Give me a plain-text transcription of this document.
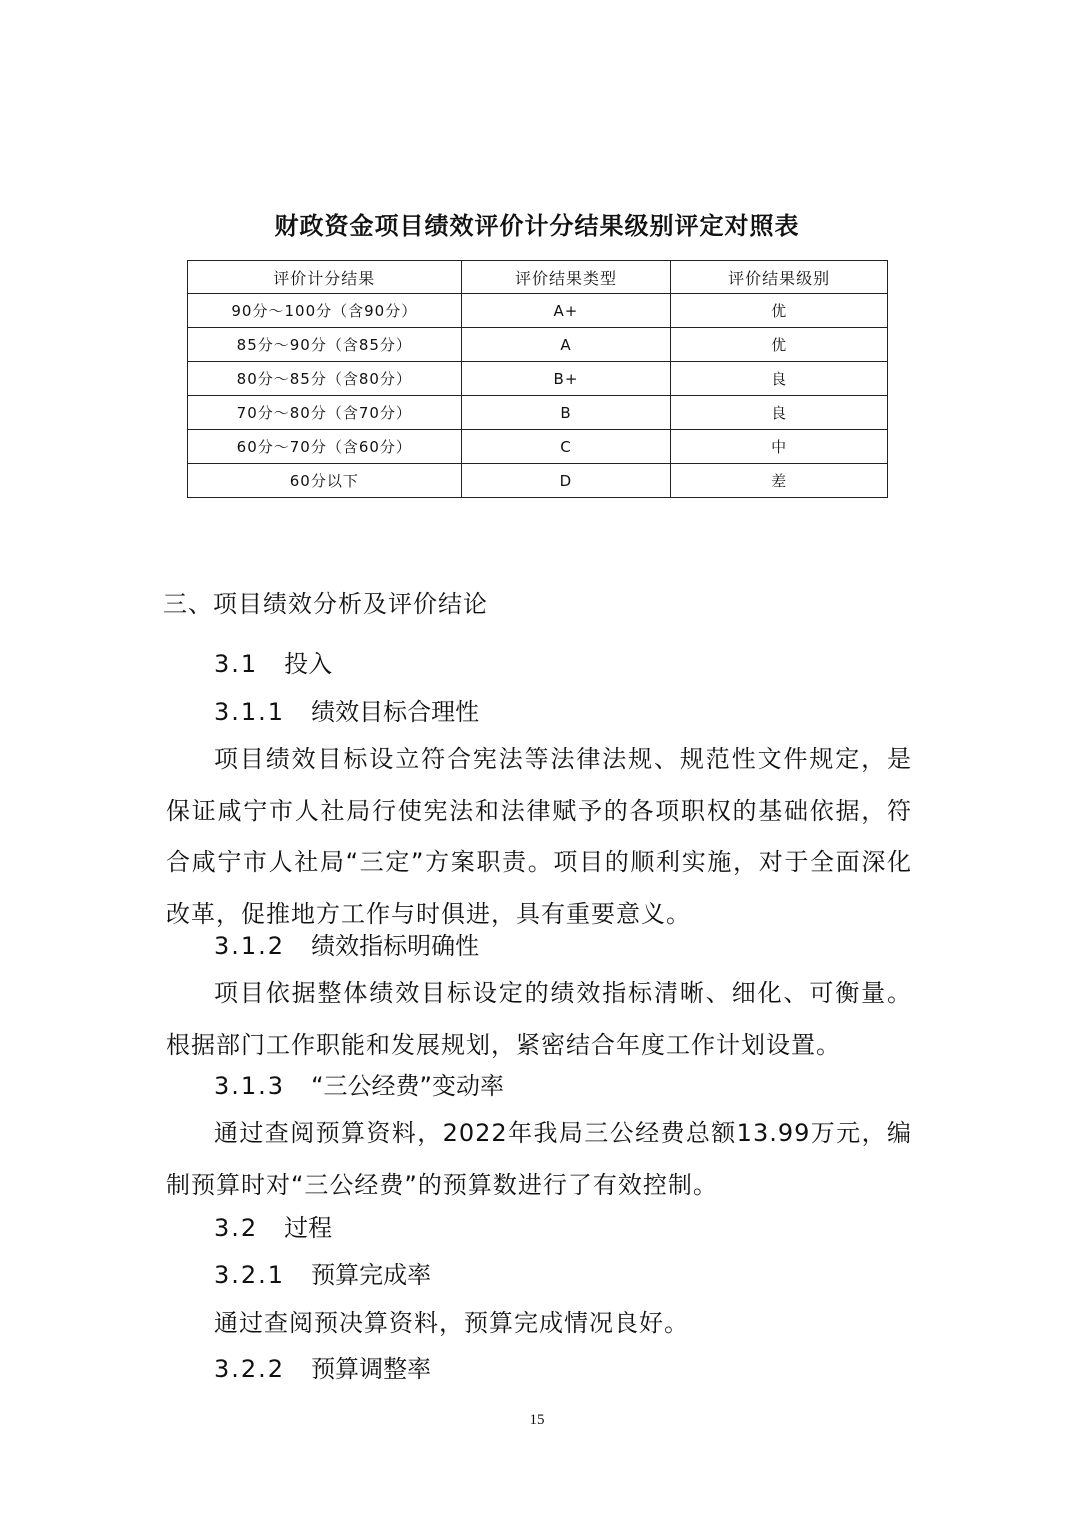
财政资金项目绩效评价计分结果级别评定对照表
评价计分结果	评价结果类型	评价结果级别
90分～100分（含90分）	A+	优
85分～90分（含85分）	A	优
80分～85分（含80分）	B+	良
70分～80分（含70分）	B	良
60分～70分（含60分）	C	中
60分以下	D	差
三、项目绩效分析及评价结论
3.1 投入
3.1.1 绩效目标合理性

项目绩效目标设立符合宪法等法律法规、规范性文件规定，是保证咸宁市人社局行使宪法和法律赋予的各项职权的基础依据，符合咸宁市人社局“三定”方案职责。项目的顺利实施，对于全面深化改革，促推地方工作与时俱进，具有重要意义。

3.1.2 绩效指标明确性

项目依据整体绩效目标设定的绩效指标清晰、细化、可衡量。根据部门工作职能和发展规划，紧密结合年度工作计划设置。

3.1.3 “三公经费”变动率

通过查阅预算资料，2022年我局三公经费总额13.99万元，编制预算时对“三公经费”的预算数进行了有效控制。

3.2 过程
3.2.1 预算完成率

通过查阅预决算资料，预算完成情况良好。

3.2.2 预算调整率
15
